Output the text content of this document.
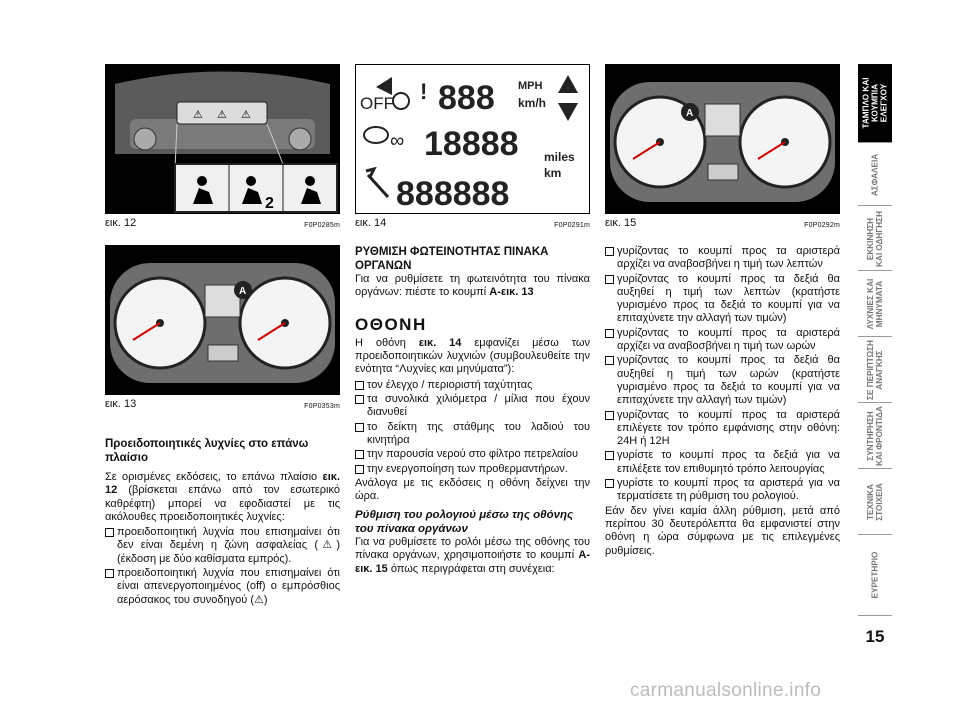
⚠ ⚠ ⚠
2
εικ. 12	F0P0285m
A
εικ. 13	F0P0353m
OFF ! 888 MPH
km/h
∞ 18888 miles
km
888888
εικ. 14	F0P0291m
A
εικ. 15	F0P0292m
Προειδοποιητικές λυχνίες στο επάνω πλαίσιο

Σε ορισμένες εκδόσεις, το επάνω πλαίσιο εικ. 12 (βρίσκεται επάνω από τον εσωτερικό καθρέφτη) μπορεί να εφοδιαστεί με τις ακόλουθες προειδοποιητικές λυχνίες:

προειδοποιητική λυχνία που επισημαίνει ότι δεν είναι δεμένη η ζώνη ασφαλείας (⚠) (έκδοση με δύο καθίσματα εμπρός).
προειδοποιητική λυχνία που επισημαίνει ότι είναι απενεργοποιημένος (off) ο εμπρόσθιος αερόσακος του συνοδηγού (⚠)
ΡΥΘΜΙΣΗ ΦΩΤΕΙΝΟΤΗΤΑΣ ΠΙΝΑΚΑ ΟΡΓΑΝΩΝ

Για να ρυθμίσετε τη φωτεινότητα του πίνακα οργάνων: πιέστε το κουμπί A-εικ. 13

ΟΘΟΝΗ

Η οθόνη εικ. 14 εμφανίζει μέσω των προειδοποιητικών λυχνιών (συμβουλευθείτε την ενότητα “Λυχνίες και μηνύματα”):

τον έλεγχο / περιοριστή ταχύτητας
τα συνολικά χιλιόμετρα / μίλια που έχουν διανυθεί
το δείκτη της στάθμης του λαδιού του κινητήρα
την παρουσία νερού στο φίλτρο πετρελαίου
την ενεργοποίηση των προθερμαντήρων.

Ανάλογα με τις εκδόσεις η οθόνη δείχνει την ώρα.

Ρύθμιση του ρολογιού μέσω της οθόνης του πίνακα οργάνων

Για να ρυθμίσετε το ρολόι μέσω της οθόνης του πίνακα οργάνων, χρησιμοποιήστε το κουμπί A-εικ. 15 όπως περιγράφεται στη συνέχεια:

γυρίζοντας το κουμπί προς τα αριστερά αρχίζει να αναβοσβήνει η τιμή των λεπτών
γυρίζοντας το κουμπί προς τα δεξιά θα αυξηθεί η τιμή των λεπτών (κρατήστε γυρισμένο προς τα δεξιά το κουμπί για να επιταχύνετε την αλλαγή των τιμών)
γυρίζοντας το κουμπί προς τα αριστερά αρχίζει να αναβοσβήνει η τιμή των ωρών
γυρίζοντας το κουμπί προς τα δεξιά θα αυξηθεί η τιμή των ωρών (κρατήστε γυρισμένο προς τα δεξιά το κουμπί για να επιταχύνετε την αλλαγή των τιμών)
γυρίζοντας το κουμπί προς τα αριστερά επιλέγετε τον τρόπο εμφάνισης στην οθόνη: 24H ή 12H
γυρίστε το κουμπί προς τα δεξιά για να επιλέξετε τον επιθυμητό τρόπο λειτουργίας
γυρίστε το κουμπί προς τα αριστερά για να τερματίσετε τη ρύθμιση του ρολογιού.

Εάν δεν γίνει καμία άλλη ρύθμιση, μετά από περίπου 30 δευτερόλεπτα θα εμφανιστεί στην οθόνη η ώρα σύμφωνα με τις επιλεγμένες ρυθμίσεις.

ΤΑΜΠΛΟ ΚΑΙ
ΚΟΥΜΠΙΑ
ΕΛΕΓΧΟΥ
ΑΣΦΑΛΕΙΑ
ΕΚΚΙΝΗΣΗ
ΚΑΙ ΟΔΗΓΗΣΗ
ΛΥΧΝΙΕΣ ΚΑΙ
ΜΗΝΥΜΑΤΑ
ΣΕ ΠΕΡΙΠΤΩΣΗ
ΑΝΑΓΚΗΣ
ΣΥΝΤΗΡΗΣΗ
ΚΑΙ ΦΡΟΝΤΙΔΑ
ΤΕΧΝΙΚΑ
ΣΤΟΙΧΕΙΑ
ΕΥΡΕΤΗΡΙΟ
15
carmanualsonline.info
